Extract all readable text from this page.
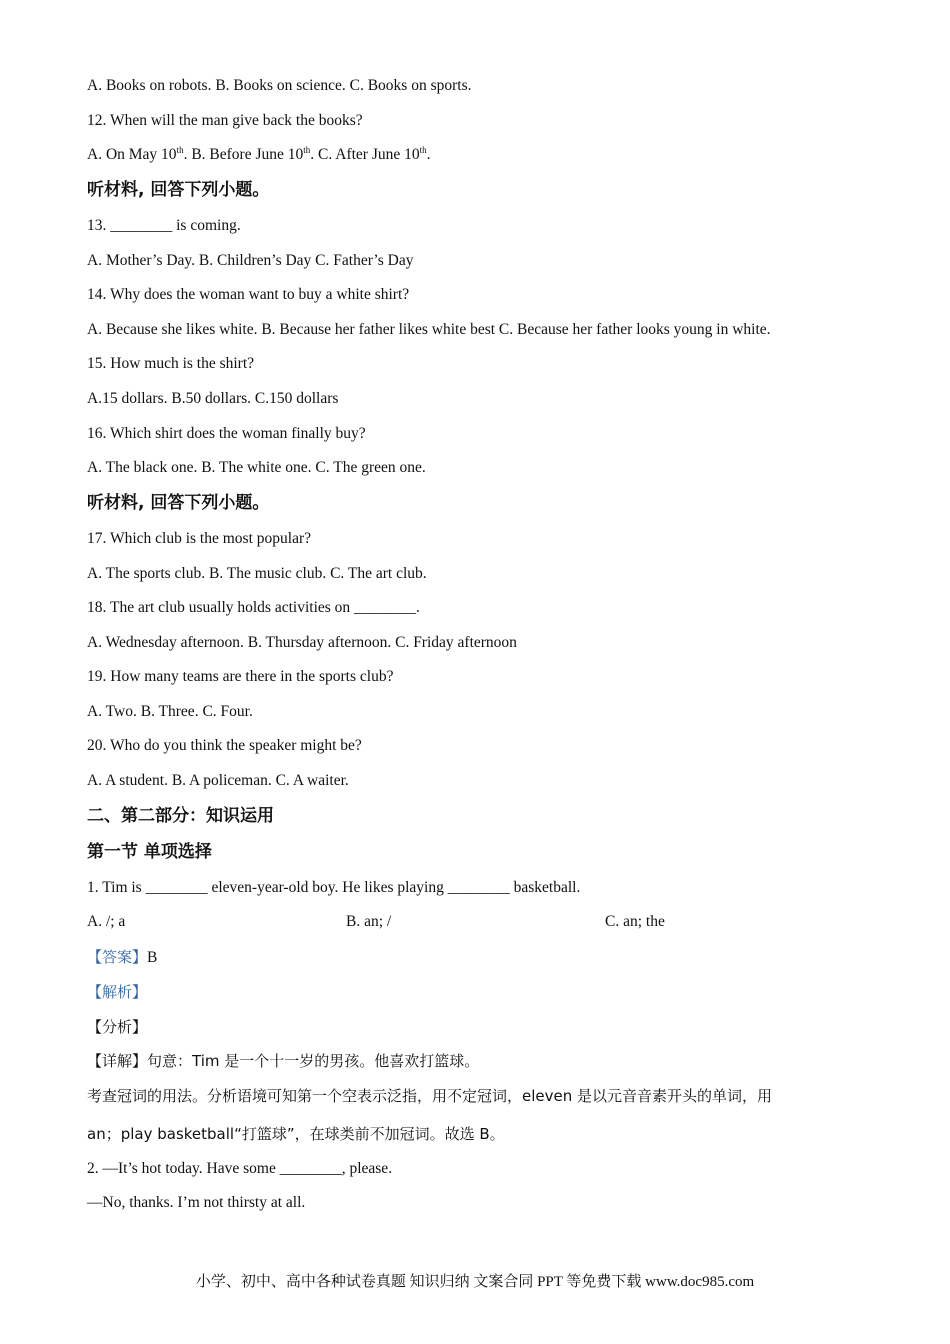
A. Books on robots. B. Books on science. C. Books on sports.
12. When will the man give back the books?
A. On May 10th. B. Before June 10th. C. After June 10th.
听材料, 回答下列小题。
13. ________ is coming.
A. Mother’s Day. B. Children’s Day C. Father’s Day
14. Why does the woman want to buy a white shirt?
A. Because she likes white. B. Because her father likes white best C. Because her father looks young in white.
15. How much is the shirt?
A.15 dollars. B.50 dollars. C.150 dollars
16. Which shirt does the woman finally buy?
A. The black one. B. The white one. C. The green one.
听材料, 回答下列小题。
17. Which club is the most popular?
A. The sports club. B. The music club. C. The art club.
18. The art club usually holds activities on ________.
A. Wednesday afternoon. B. Thursday afternoon. C. Friday afternoon
19. How many teams are there in the sports club?
A. Two. B. Three. C. Four.
20. Who do you think the speaker might be?
A. A student. B. A policeman. C. A waiter.
二、第二部分：知识运用
第一节 单项选择
1. Tim is ________ eleven-year-old boy. He likes playing ________ basketball.
A. /; a	B. an; /	C. an; the
【答案】B
【解析】
【分析】
【详解】句意：Tim 是一个十一岁的男孩。他喜欢打篮球。
考查冠词的用法。分析语境可知第一个空表示泛指，用不定冠词，eleven 是以元音音素开头的单词，用
an；play basketball“打篮球”，在球类前不加冠词。故选 B。
2. —It’s hot today. Have some ________, please.
—No, thanks. I’m not thirsty at all.
小学、初中、高中各种试卷真题 知识归纳 文案合同 PPT 等免费下载 www.doc985.com
